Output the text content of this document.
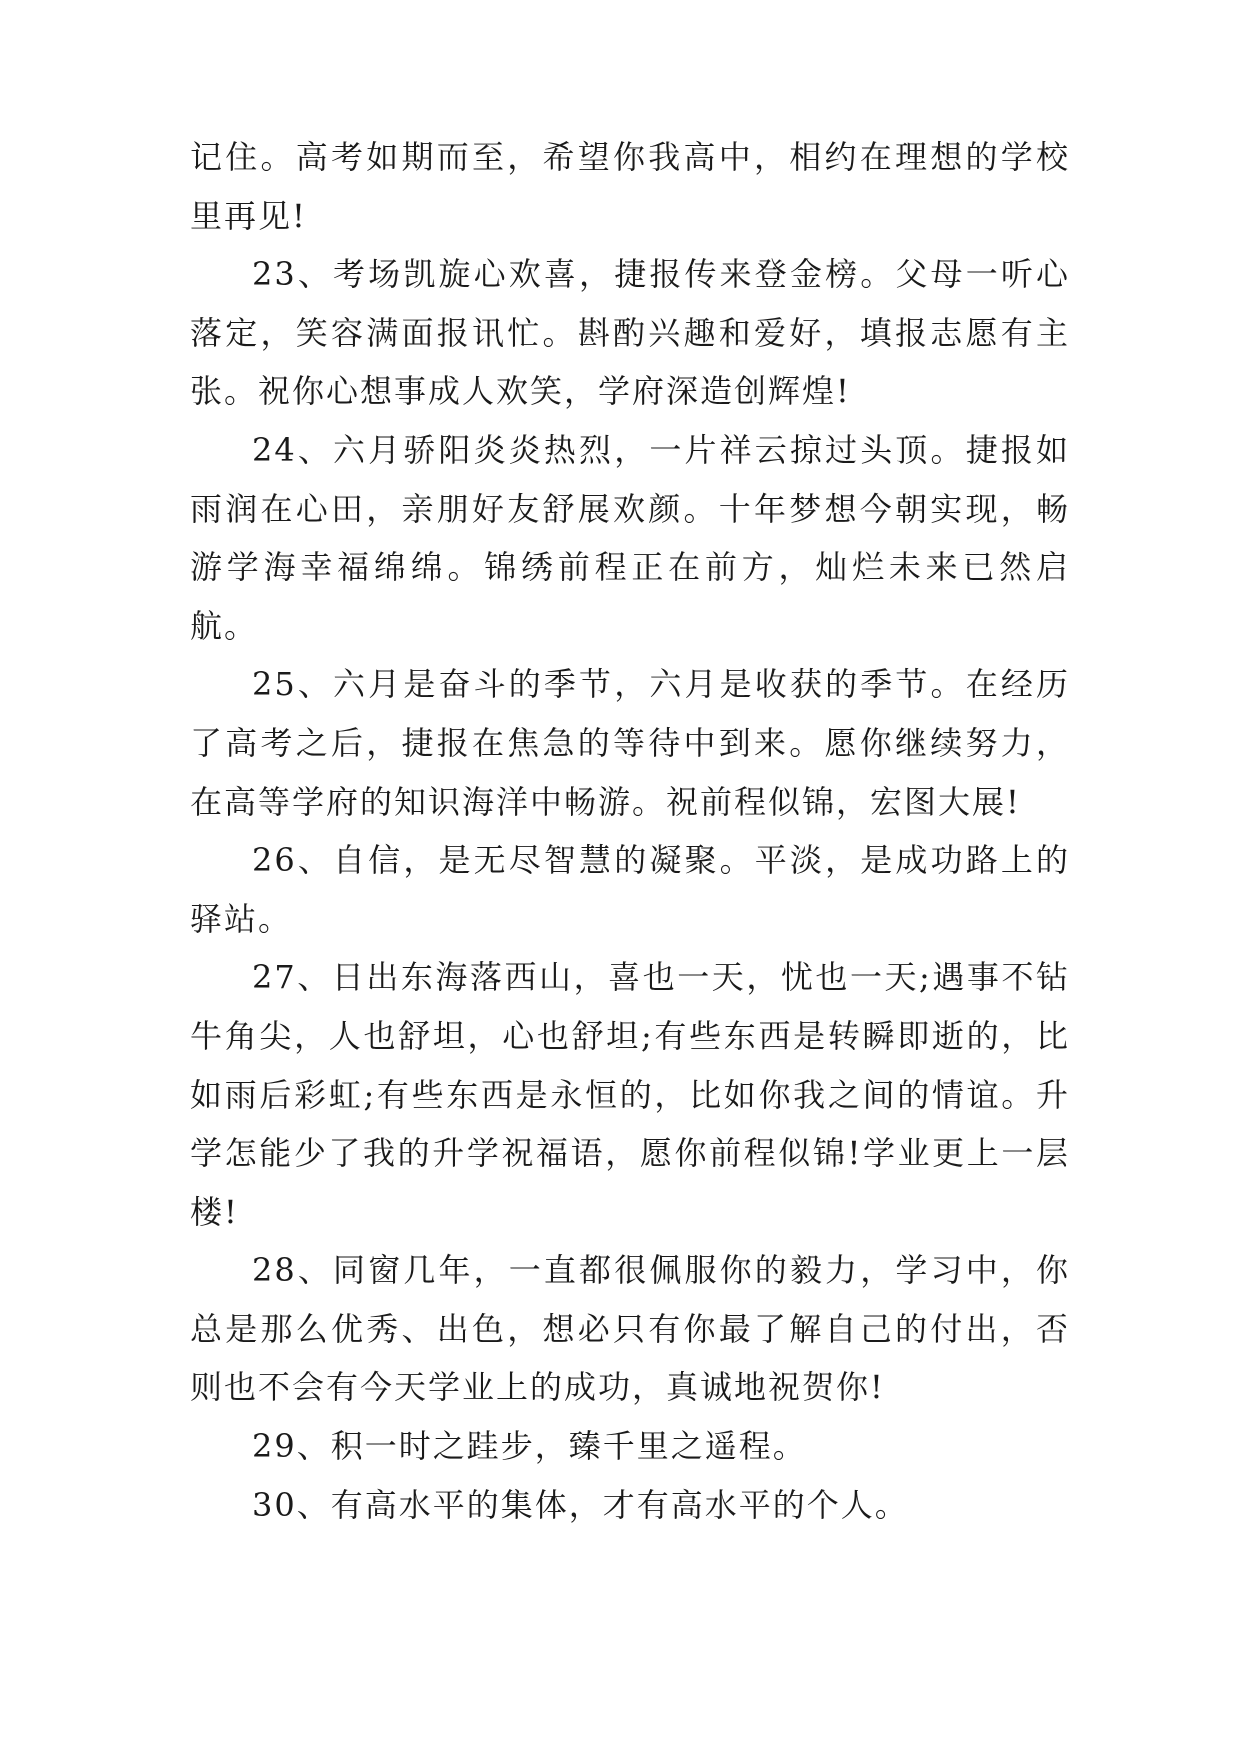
记住。高考如期而至，希望你我高中，相约在理想的学校里再见!

23、考场凯旋心欢喜，捷报传来登金榜。父母一听心落定，笑容满面报讯忙。斟酌兴趣和爱好，填报志愿有主张。祝你心想事成人欢笑，学府深造创辉煌!

24、六月骄阳炎炎热烈，一片祥云掠过头顶。捷报如雨润在心田，亲朋好友舒展欢颜。十年梦想今朝实现，畅游学海幸福绵绵。锦绣前程正在前方，灿烂未来已然启航。

25、六月是奋斗的季节，六月是收获的季节。在经历了高考之后，捷报在焦急的等待中到来。愿你继续努力，在高等学府的知识海洋中畅游。祝前程似锦，宏图大展!

26、自信，是无尽智慧的凝聚。平淡，是成功路上的驿站。

27、日出东海落西山，喜也一天，忧也一天;遇事不钻牛角尖，人也舒坦，心也舒坦;有些东西是转瞬即逝的，比如雨后彩虹;有些东西是永恒的，比如你我之间的情谊。升学怎能少了我的升学祝福语，愿你前程似锦!学业更上一层楼!

28、同窗几年，一直都很佩服你的毅力，学习中，你总是那么优秀、出色，想必只有你最了解自己的付出，否则也不会有今天学业上的成功，真诚地祝贺你!

29、积一时之跬步，臻千里之遥程。

30、有高水平的集体，才有高水平的个人。
